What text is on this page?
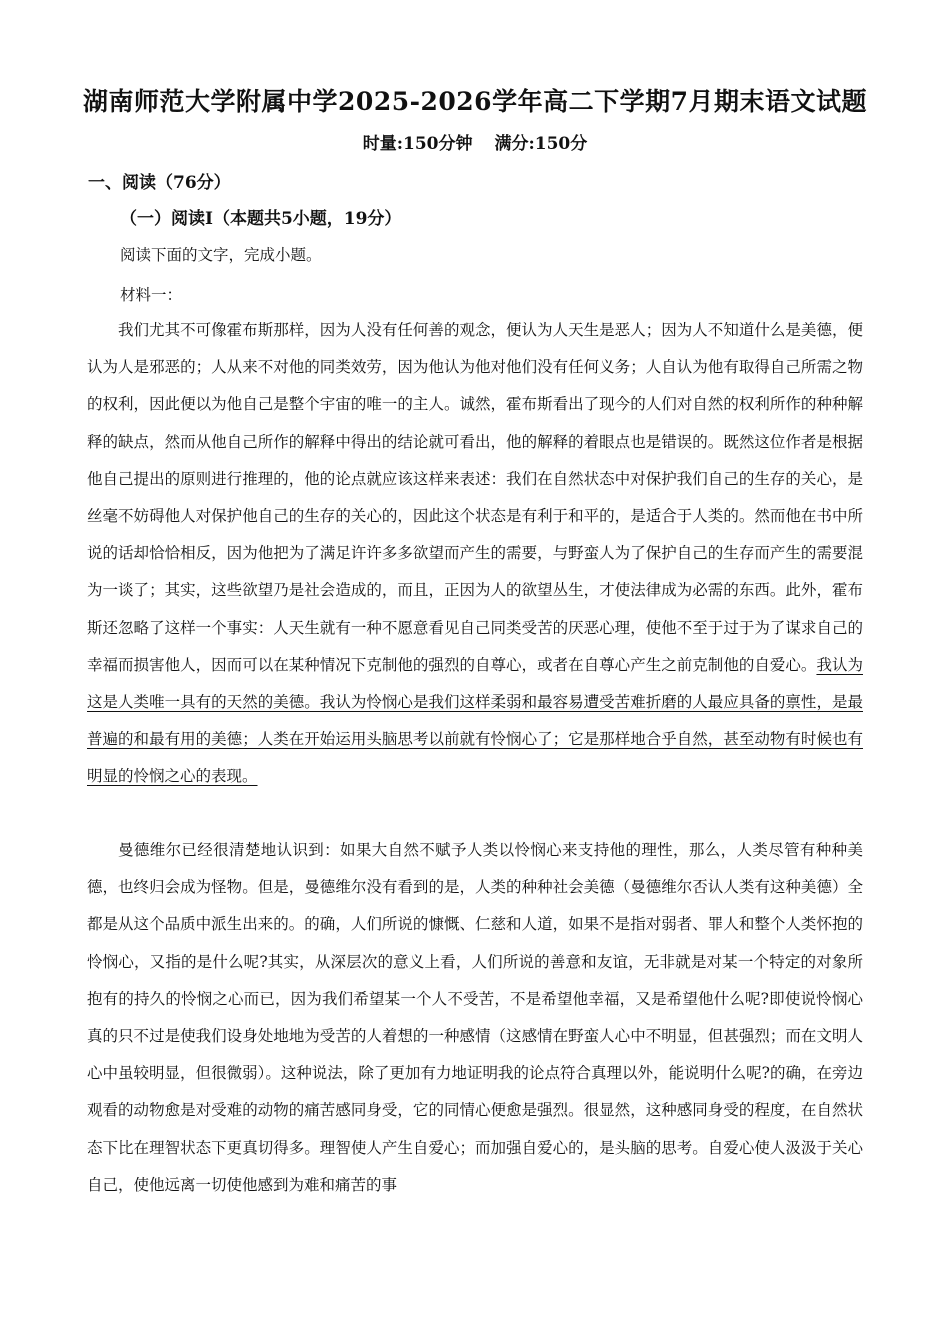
湖南师范大学附属中学2025-2026学年高二下学期7月期末语文试题
时量:150分钟 满分:150分
一、阅读（76分）
（一）阅读Ⅰ（本题共5小题，19分）
阅读下面的文字，完成小题。
材料一：

我们尤其不可像霍布斯那样，因为人没有任何善的观念，便认为人天生是恶人；因为人不知道什么是美德，便认为人是邪恶的；人从来不对他的同类效劳，因为他认为他对他们没有任何义务；人自认为他有取得自己所需之物的权利，因此便以为他自己是整个宇宙的唯一的主人。诚然，霍布斯看出了现今的人们对自然的权利所作的种种解释的缺点，然而从他自己所作的解释中得出的结论就可看出，他的解释的着眼点也是错误的。既然这位作者是根据他自己提出的原则进行推理的，他的论点就应该这样来表述：我们在自然状态中对保护我们自己的生存的关心，是丝毫不妨碍他人对保护他自己的生存的关心的，因此这个状态是有利于和平的，是适合于人类的。然而他在书中所说的话却恰恰相反，因为他把为了满足许许多多欲望而产生的需要，与野蛮人为了保护自己的生存而产生的需要混为一谈了；其实，这些欲望乃是社会造成的，而且，正因为人的欲望丛生，才使法律成为必需的东西。此外，霍布斯还忽略了这样一个事实：人天生就有一种不愿意看见自己同类受苦的厌恶心理，使他不至于过于为了谋求自己的幸福而损害他人，因而可以在某种情况下克制他的强烈的自尊心，或者在自尊心产生之前克制他的自爱心。我认为这是人类唯一具有的天然的美德。我认为怜悯心是我们这样柔弱和最容易遭受苦难折磨的人最应具备的禀性，是最普遍的和最有用的美德；人类在开始运用头脑思考以前就有怜悯心了；它是那样地合乎自然，甚至动物有时候也有明显的怜悯之心的表现。

曼德维尔已经很清楚地认识到：如果大自然不赋予人类以怜悯心来支持他的理性，那么，人类尽管有种种美德，也终归会成为怪物。但是，曼德维尔没有看到的是，人类的种种社会美德（曼德维尔否认人类有这种美德）全都是从这个品质中派生出来的。的确，人们所说的慷慨、仁慈和人道，如果不是指对弱者、罪人和整个人类怀抱的怜悯心，又指的是什么呢?其实，从深层次的意义上看，人们所说的善意和友谊，无非就是对某一个特定的对象所抱有的持久的怜悯之心而已，因为我们希望某一个人不受苦，不是希望他幸福，又是希望他什么呢?即使说怜悯心真的只不过是使我们设身处地地为受苦的人着想的一种感情（这感情在野蛮人心中不明显，但甚强烈；而在文明人心中虽较明显，但很微弱）。这种说法，除了更加有力地证明我的论点符合真理以外，能说明什么呢?的确，在旁边观看的动物愈是对受难的动物的痛苦感同身受，它的同情心便愈是强烈。很显然，这种感同身受的程度，在自然状态下比在理智状态下更真切得多。理智使人产生自爱心；而加强自爱心的，是头脑的思考。自爱心使人汲汲于关心自己，使他远离一切使他感到为难和痛苦的事
